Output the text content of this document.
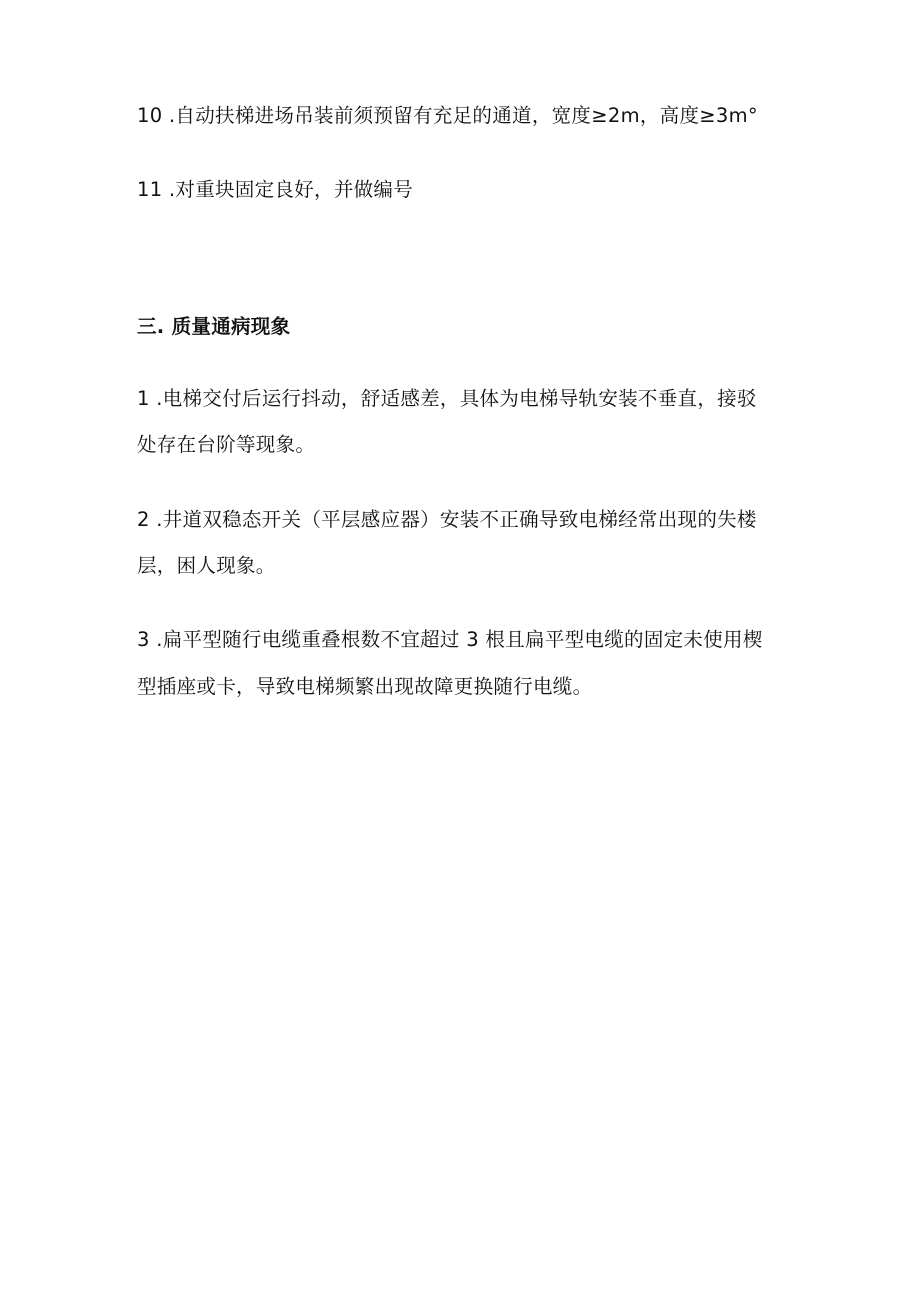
10 .自动扶梯进场吊装前须预留有充足的通道，宽度≥2m，高度≥3m°
11 .对重块固定良好，并做编号
三. 质量通病现象
1 .电梯交付后运行抖动，舒适感差，具体为电梯导轨安装不垂直，接驳
处存在台阶等现象。
2 .井道双稳态开关（平层感应器）安装不正确导致电梯经常出现的失楼
层，困人现象。
3 .扁平型随行电缆重叠根数不宜超过 3 根且扁平型电缆的固定未使用楔
型插座或卡，导致电梯频繁出现故障更换随行电缆。
